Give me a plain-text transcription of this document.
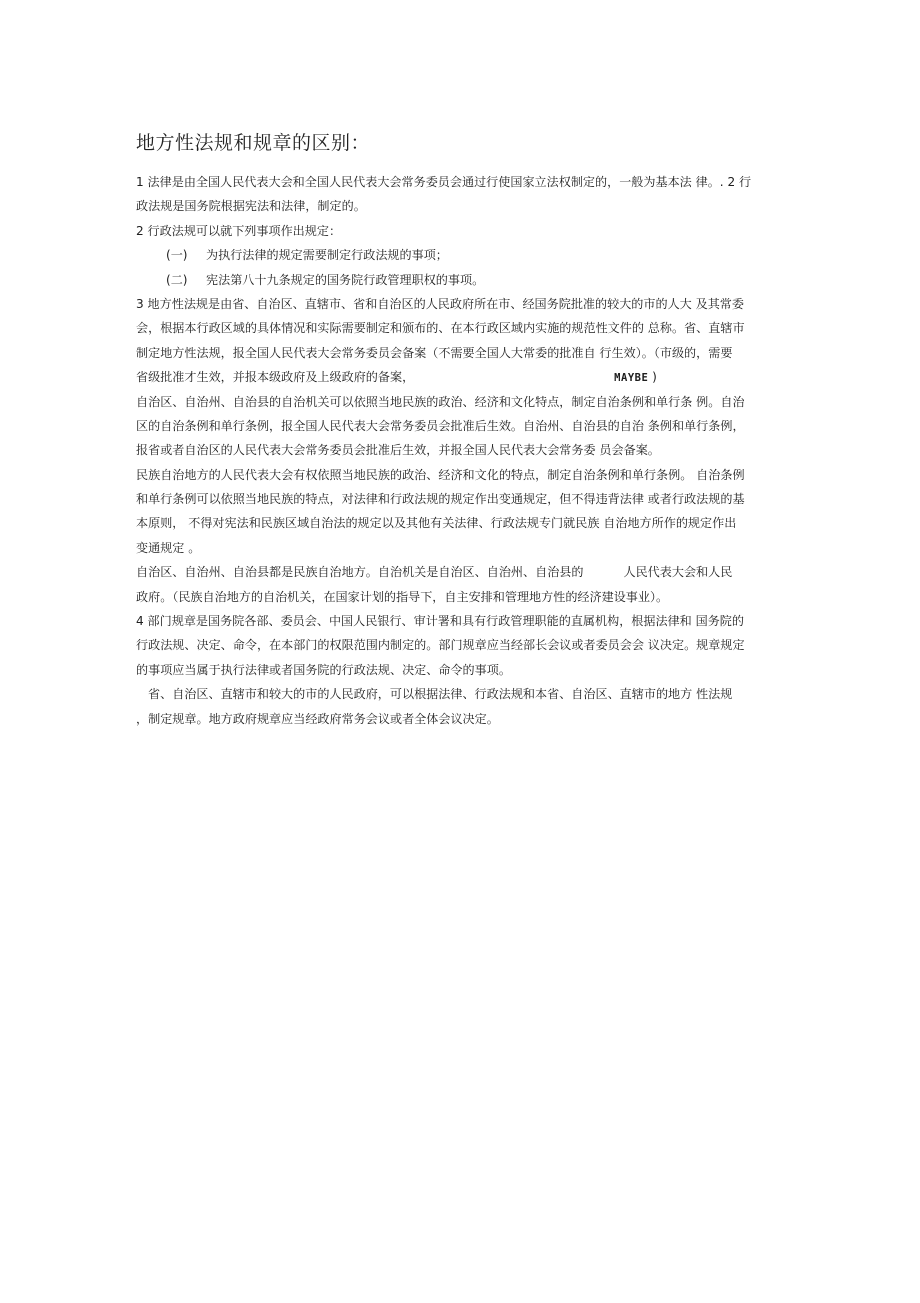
地方性法规和规章的区别：
1 法律是由全国人民代表大会和全国人民代表大会常务委员会通过行使国家立法权制定的，一般为基本法 律。. 2 行
政法规是国务院根据宪法和法律，制定的。
2 行政法规可以就下列事项作出规定：
(一) 为执行法律的规定需要制定行政法规的事项；
(二) 宪法第八十九条规定的国务院行政管理职权的事项。
3 地方性法规是由省、自治区、直辖市、省和自治区的人民政府所在市、经国务院批准的较大的市的人大 及其常委
会，根据本行政区域的具体情况和实际需要制定和颁布的、在本行政区域内实施的规范性文件的 总称。省、直辖市
制定地方性法规，报全国人民代表大会常务委员会备案（不需要全国人大常委的批准自 行生效）。（市级的，需要
省级批准才生效，并报本级政府及上级政府的备案，	MAYBE )
自治区、自治州、自治县的自治机关可以依照当地民族的政治、经济和文化特点，制定自治条例和单行条 例。自治
区的自治条例和单行条例，报全国人民代表大会常务委员会批准后生效。自治州、自治县的自治 条例和单行条例，
报省或者自治区的人民代表大会常务委员会批准后生效，并报全国人民代表大会常务委 员会备案。
民族自治地方的人民代表大会有权依照当地民族的政治、经济和文化的特点，制定自治条例和单行条例。 自治条例
和单行条例可以依照当地民族的特点，对法律和行政法规的规定作出变通规定，但不得违背法律 或者行政法规的基
本原则， 不得对宪法和民族区域自治法的规定以及其他有关法律、行政法规专门就民族 自治地方所作的规定作出
变通规定 。
自治区、自治州、自治县都是民族自治地方。自治机关是自治区、自治州、自治县的	人民代表大会和人民
政府。（民族自治地方的自治机关，在国家计划的指导下，自主安排和管理地方性的经济建设事业）。
4 部门规章是国务院各部、委员会、中国人民银行、审计署和具有行政管理职能的直属机构，根据法律和 国务院的
行政法规、决定、命令，在本部门的权限范围内制定的。部门规章应当经部长会议或者委员会会 议决定。规章规定
的事项应当属于执行法律或者国务院的行政法规、决定、命令的事项。
省、自治区、直辖市和较大的市的人民政府，可以根据法律、行政法规和本省、自治区、直辖市的地方 性法规
，制定规章。地方政府规章应当经政府常务会议或者全体会议决定。
